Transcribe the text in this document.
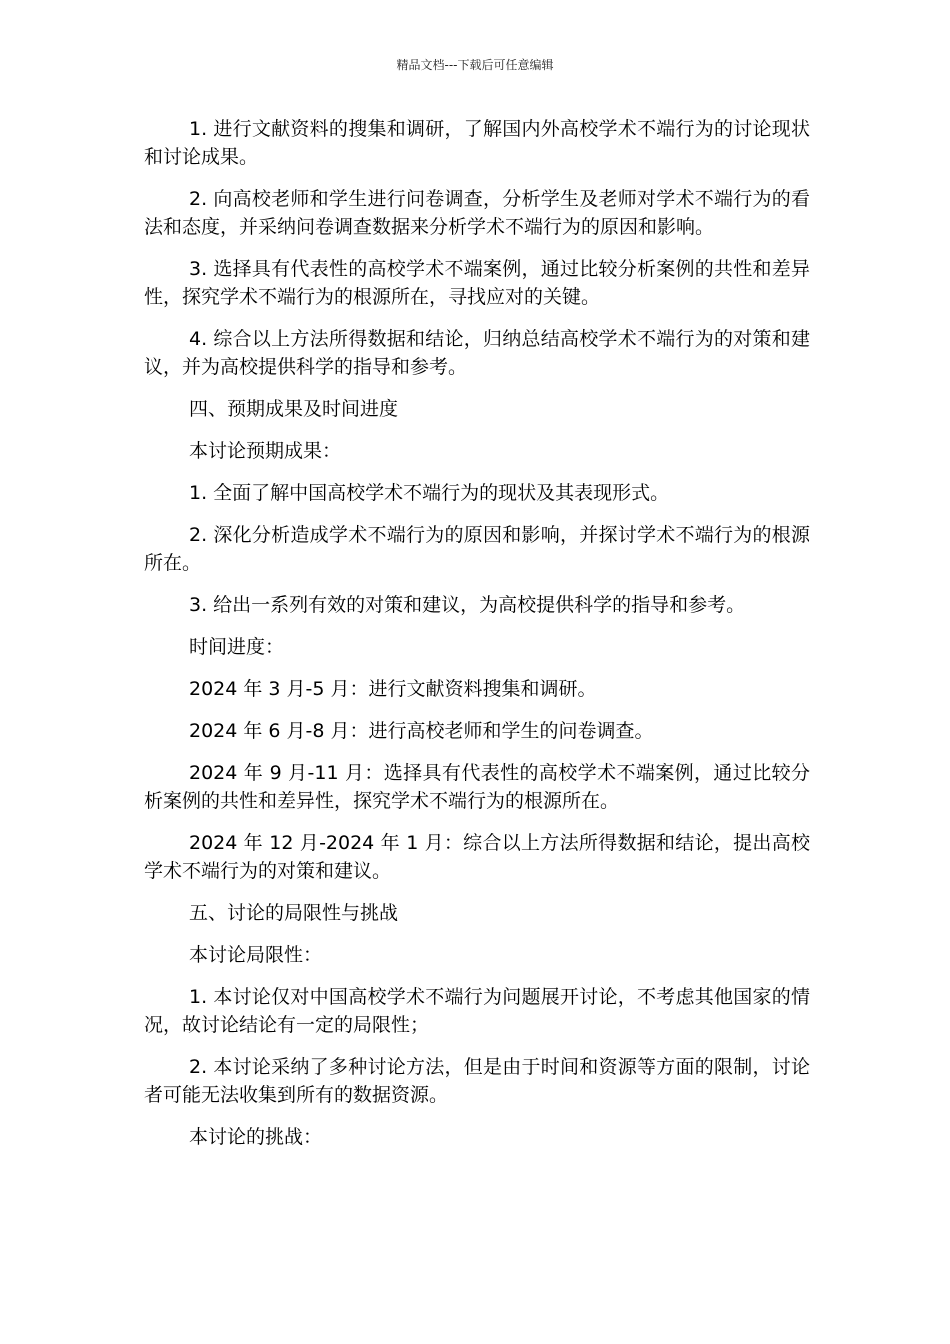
精品文档---下载后可任意编辑

1. 进行文献资料的搜集和调研，了解国内外高校学术不端行为的讨论现状和讨论成果。

2. 向高校老师和学生进行问卷调查，分析学生及老师对学术不端行为的看法和态度，并采纳问卷调查数据来分析学术不端行为的原因和影响。

3. 选择具有代表性的高校学术不端案例，通过比较分析案例的共性和差异性，探究学术不端行为的根源所在，寻找应对的关键。

4. 综合以上方法所得数据和结论，归纳总结高校学术不端行为的对策和建议，并为高校提供科学的指导和参考。

四、预期成果及时间进度

本讨论预期成果：

1. 全面了解中国高校学术不端行为的现状及其表现形式。

2. 深化分析造成学术不端行为的原因和影响，并探讨学术不端行为的根源所在。

3. 给出一系列有效的对策和建议，为高校提供科学的指导和参考。

时间进度：

2024 年 3 月-5 月：进行文献资料搜集和调研。

2024 年 6 月-8 月：进行高校老师和学生的问卷调查。

2024 年 9 月-11 月：选择具有代表性的高校学术不端案例，通过比较分析案例的共性和差异性，探究学术不端行为的根源所在。

2024 年 12 月-2024 年 1 月：综合以上方法所得数据和结论，提出高校学术不端行为的对策和建议。

五、讨论的局限性与挑战

本讨论局限性：

1. 本讨论仅对中国高校学术不端行为问题展开讨论，不考虑其他国家的情况，故讨论结论有一定的局限性；

2. 本讨论采纳了多种讨论方法，但是由于时间和资源等方面的限制，讨论者可能无法收集到所有的数据资源。

本讨论的挑战：
